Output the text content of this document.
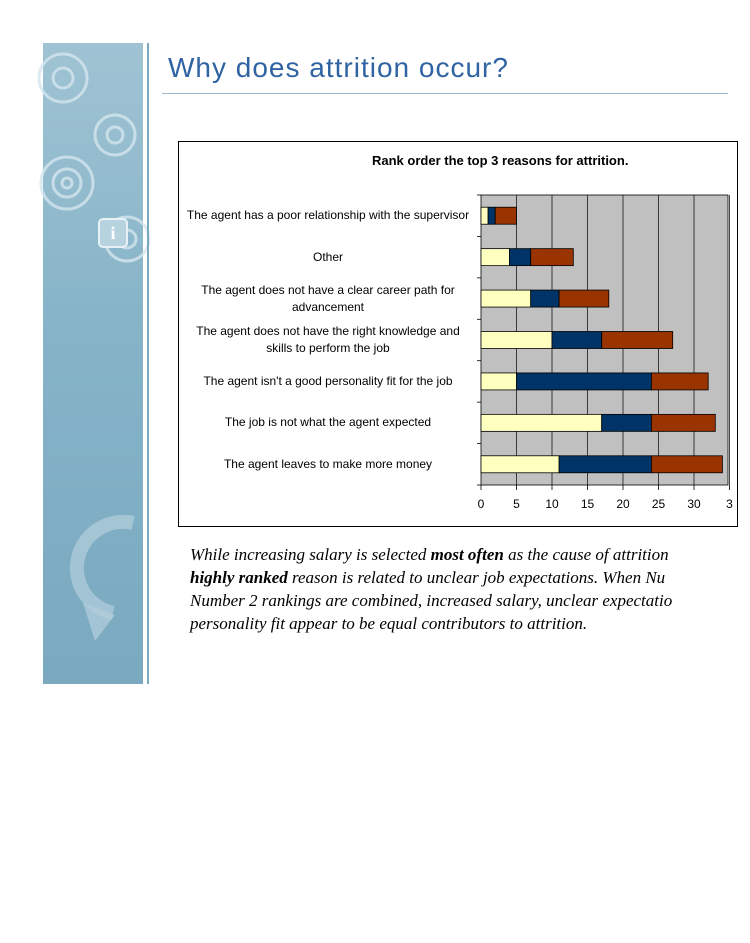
i
Why does attrition occur?
Rank order the top 3 reasons for attrition.
The agent has a poor relationship with the supervisor
Other
The agent does not have a clear career path for advancement
The agent does not have the right knowledge and skills to perform the job
The agent isn't a good personality fit for the job
The job is not what the agent expected
The agent leaves to make more money
0 5 10 15 20 25 30 3

While increasing salary is selected most often as the cause of attrition
highly ranked reason is related to unclear job expectations. When Nu
Number 2 rankings are combined, increased salary, unclear expectatio
personality fit appear to be equal contributors to attrition.
